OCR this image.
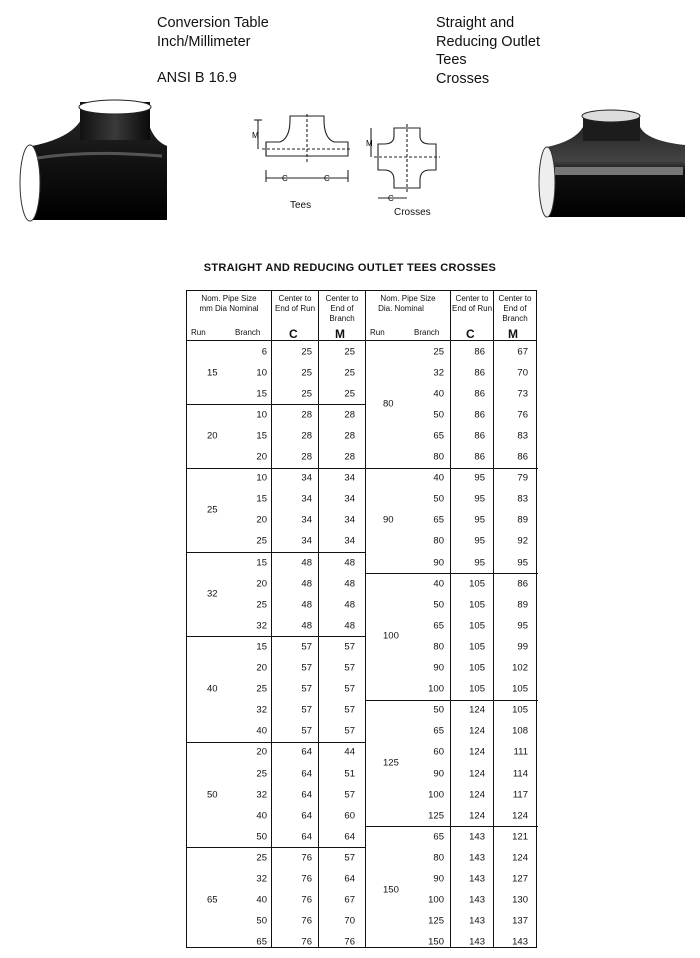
Conversion Table
Inch/Millimeter
ANSI B 16.9
Straight and
Reducing Outlet
Tees
Crosses
M
C	C
Tees
M
C
Crosses
STRAIGHT AND REDUCING OUTLET TEES CROSSES
Nom. Pipe Size
mm Dia Nominal
Run	Branch
Center to End of Run
C
Center to End of Branch
M
Nom. Pipe Size
Dia. Nominal
Run	Branch
Center to End of Run
C
Center to End of Branch
M
6	25	25
10	25	25
15	25	25
15
10	28	28
15	28	28
20	28	28
20
10	34	34
15	34	34
20	34	34
25	34	34
25
15	48	48
20	48	48
25	48	48
32	48	48
32
15	57	57
20	57	57
25	57	57
32	57	57
40	57	57
40
20	64	44
25	64	51
32	64	57
40	64	60
50	64	64
50
25	76	57
32	76	64
40	76	67
50	76	70
65	76	76
65
25	86	67
32	86	70
40	86	73
50	86	76
65	86	83
80	86	86
80
40	95	79
50	95	83
65	95	89
80	95	92
90	95	95
90
40	105	86
50	105	89
65	105	95
80	105	99
90	105	102
100	105	105
100
50	124	105
65	124	108
60	124	111
90	124	114
100	124	117
125	124	124
125
65	143	121
80	143	124
90	143	127
100	143	130
125	143	137
150	143	143
150
